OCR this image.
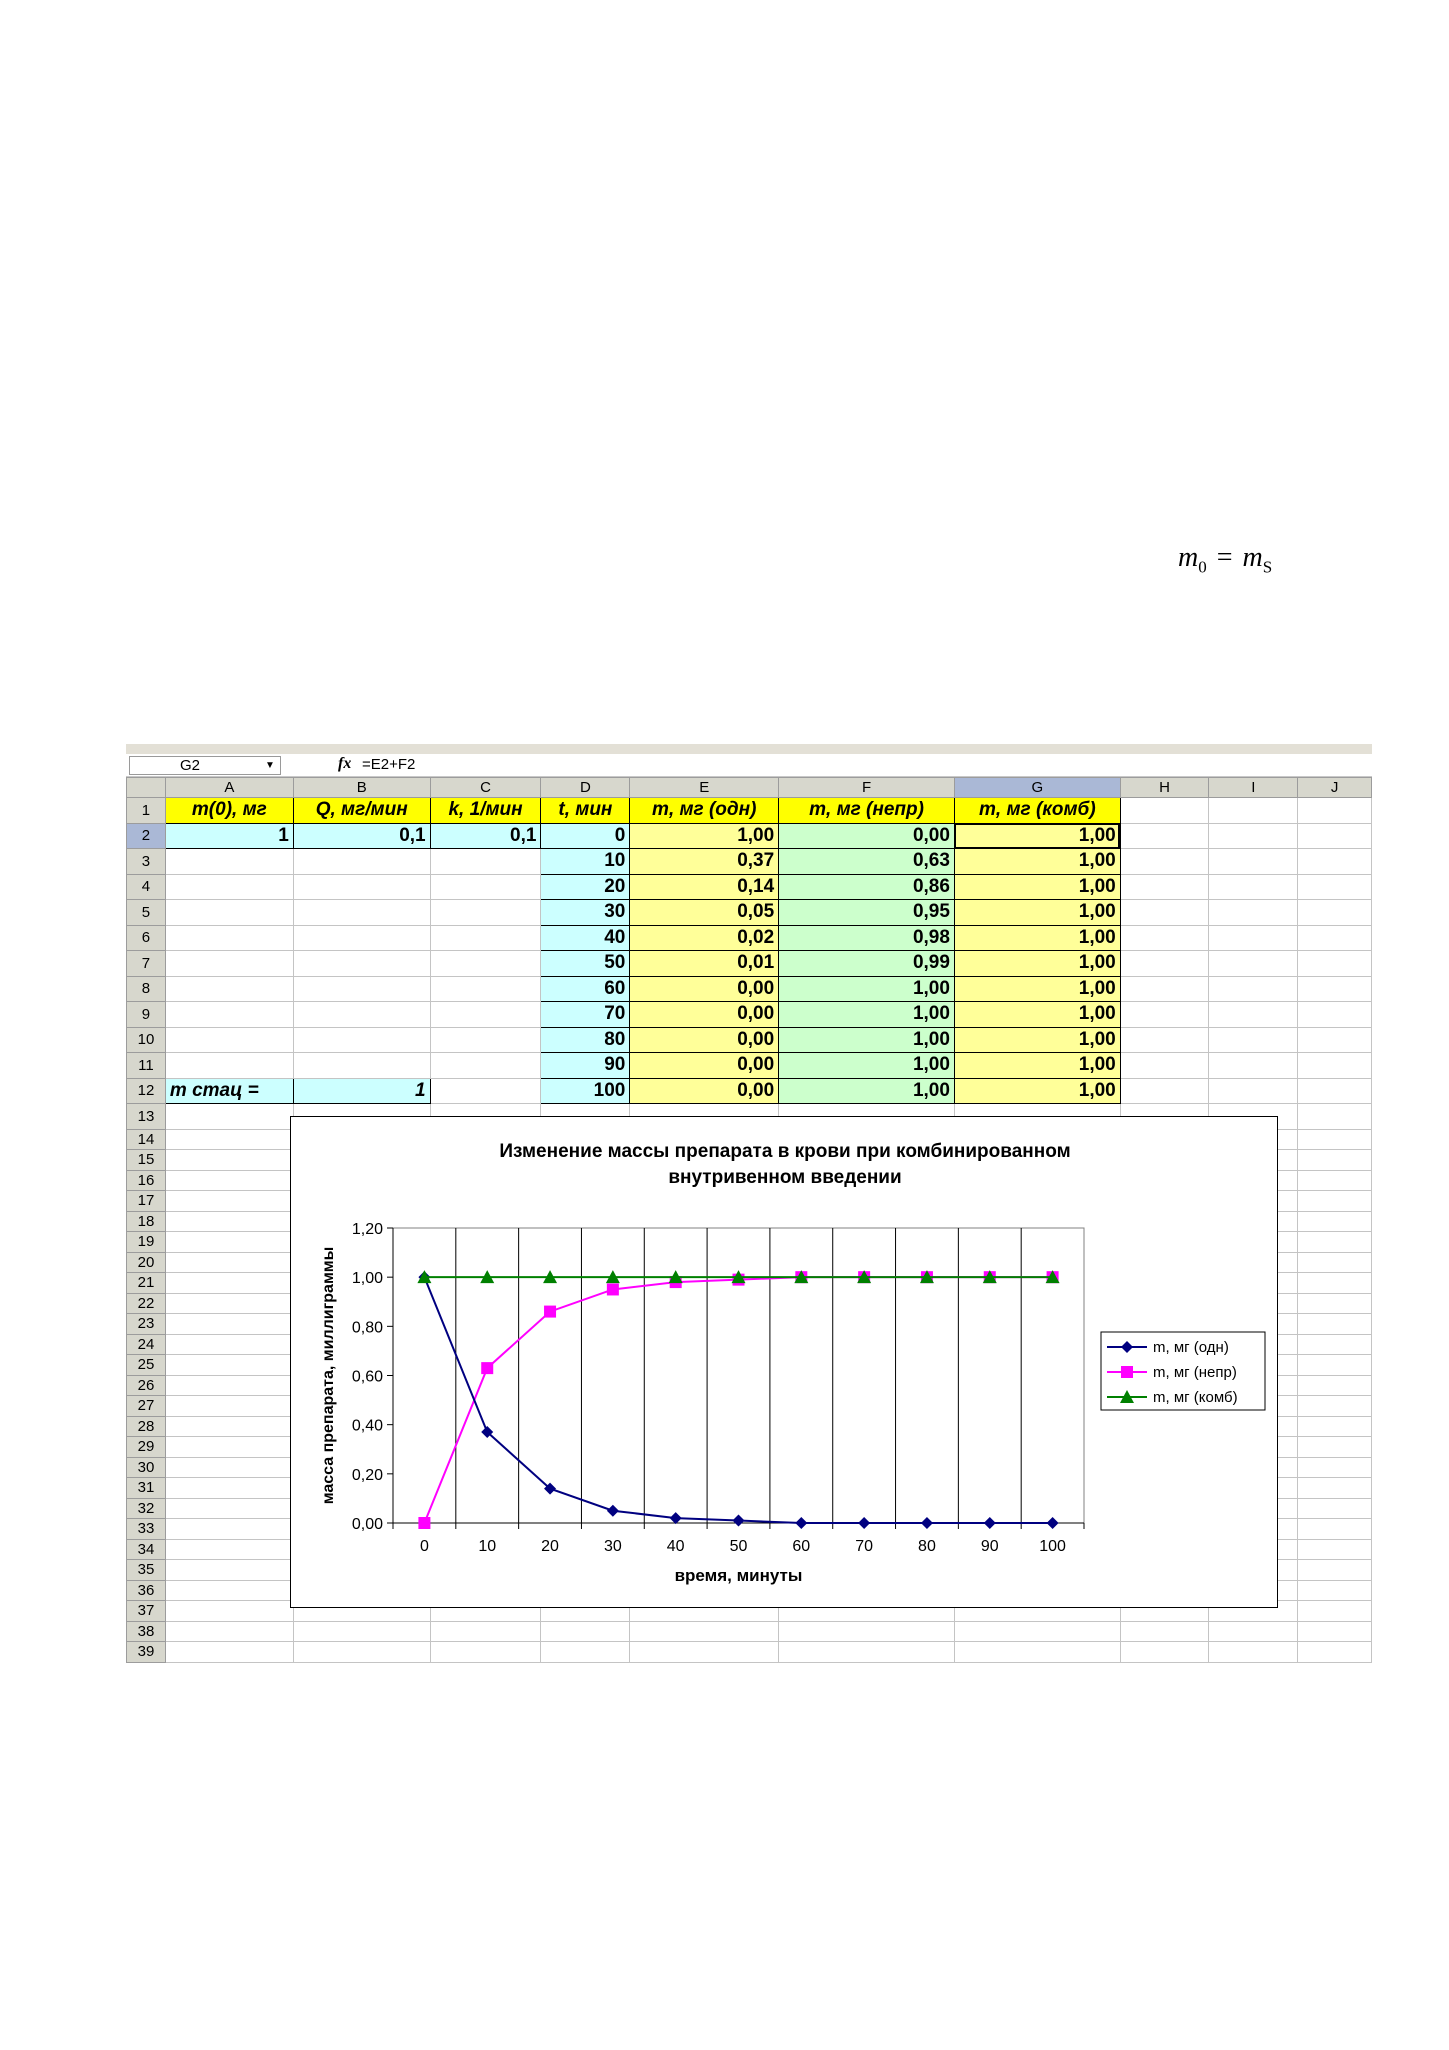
$m_0 = m_S$
G2	▼	fx =E2+F2
	A	B	C	D	E	F	G	H	I	J
1	m(0), мг	Q, мг/мин	k, 1/мин	t, мин	m, мг (одн)	m, мг (непр)	m, мг (комб)			
2	1	0,1	0,1	0	1,00	0,00	1,00			
3				10	0,37	0,63	1,00			
4				20	0,14	0,86	1,00			
5				30	0,05	0,95	1,00			
6				40	0,02	0,98	1,00			
7				50	0,01	0,99	1,00			
8				60	0,00	1,00	1,00			
9				70	0,00	1,00	1,00			
10				80	0,00	1,00	1,00			
11				90	0,00	1,00	1,00			
12	m стац =	1		100	0,00	1,00	1,00			
13										
14										
15										
16										
17										
18										
19										
20										
21										
22										
23										
24										
25										
26										
27										
28										
29										
30										
31										
32										
33										
34										
35										
36										
37										
38										
39										
Изменение массы препарата в крови при комбинированном
внутривенном введении
0,00
0,20
0,40
0,60
0,80
1,00
1,20
0	10	20	30	40	50	60	70	80	90	100
время, минуты
масса препарата, миллиграммы	m, мг (одн)
m, мг (непр)
m, мг (комб)
